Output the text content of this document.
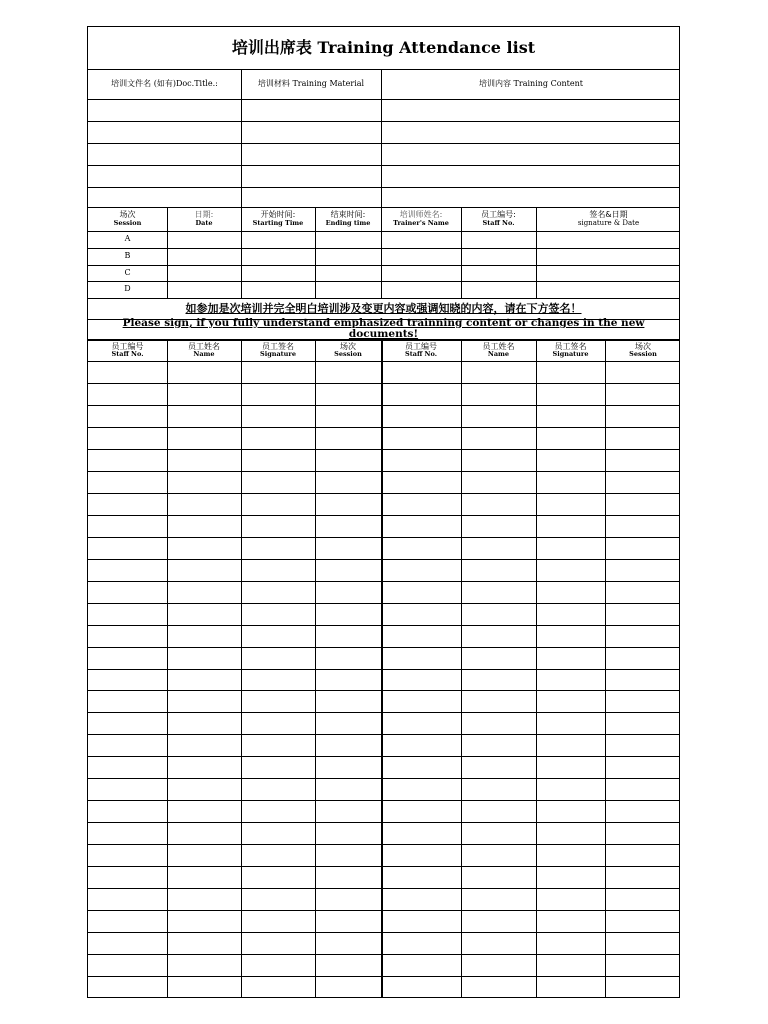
培训出席表 Training Attendance list
培训文件名 (如有)Doc.Title.:	培训材料 Training Material	培训内容 Training Content
场次
Session
日期:
Date
开始时间:
Starting Time
结束时间:
Ending time
培训师姓名:
Trainer's Name
员工编号:
Staff No.
签名&日期
signature & Date
A
B
C
D
如参加是次培训并完全明白培训涉及变更内容或强调知晓的内容，请在下方签名！
Please sign, if you fully understand emphasized trainning content or changes in the new documents!
员工编号
Staff No.
员工姓名
Name
员工签名
Signature
场次
Session
员工编号
Staff No.
员工姓名
Name
员工签名
Signature
场次
Session
